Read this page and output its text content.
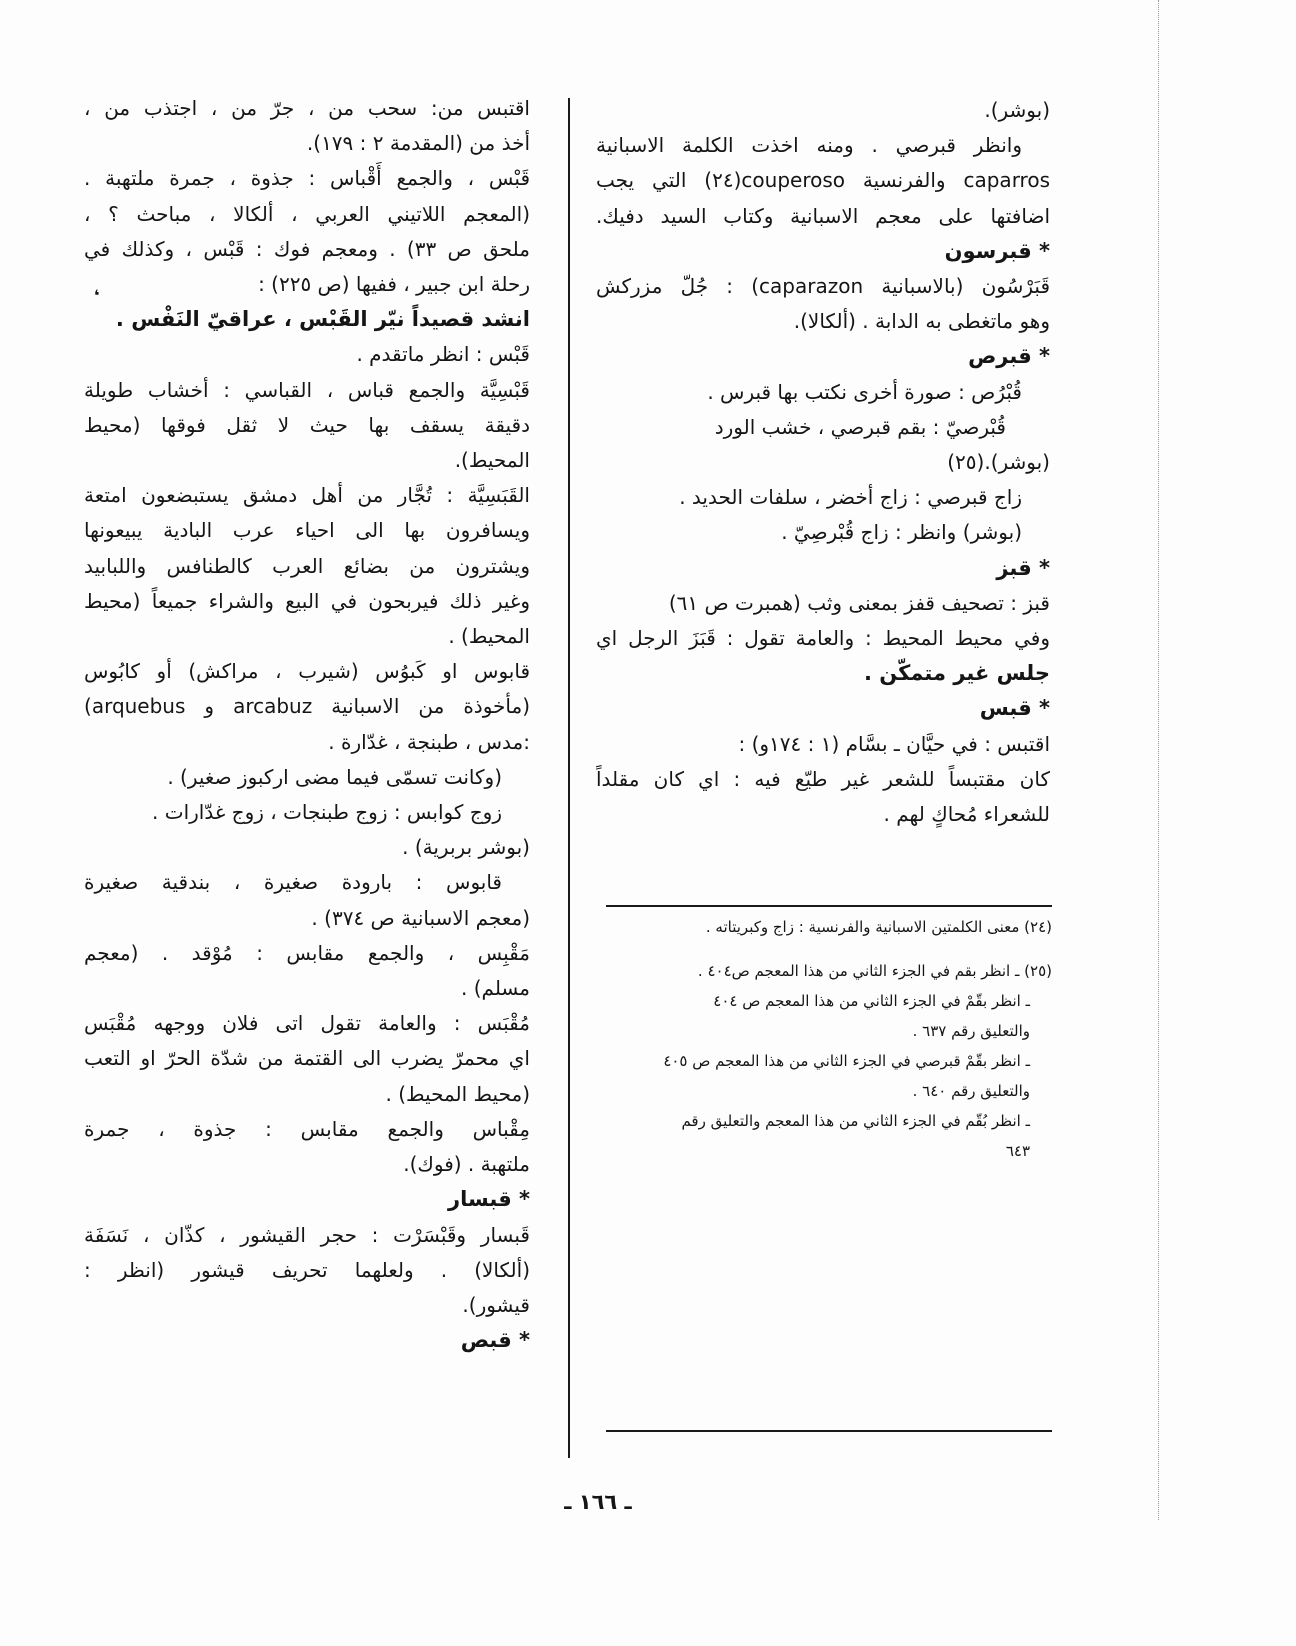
(بوشر).

وانظر قبرصي . ومنه اخذت الكلمة الاسبانية

caparros والفرنسية couperoso(٢٤) التي يجب

اضافتها على معجم الاسبانية وكتاب السيد دفيك.

* قبرسون

قَبَرْسُون (بالاسبانية caparazon) : جُلّ مزركش

وهو ماتغطى به الدابة . (ألكالا).

* قبرص

قُبْرُص : صورة أخرى نكتب بها قبرس .

قُبْرصيّ : بقم قبرصي ، خشب الورد

(بوشر).(٢٥)

زاج قبرصي : زاج أخضر ، سلفات الحديد .

(بوشر) وانظر : زاج قُبْرصِيّ .

* قبز

قبز : تصحيف قفز بمعنى وثب (همبرت ص ٦١)

وفي محيط المحيط : والعامة تقول : قَبَزَ الرجل اي

جلس غير متمكّن .

* قبس

اقتبس : في حيَّان ـ بسَّام (١ : ١٧٤و) :

كان مقتبساً للشعر غير طيّع فيه : اي كان مقلداً

للشعراء مُحاكٍ لهم .

اقتبس من: سحب من ، جرّ من ، اجتذب من ،

أخذ من (المقدمة ٢ : ١٧٩).

قَبْس ، والجمع أَقْباس : جذوة ، جمرة ملتهبة .

(المعجم اللاتيني العربي ، ألكالا ، مباحث ؟ ،

ملحق ص ٣٣) . ومعجم فوك : قَبْس ، وكذلك في

رحلة ابن جبير ، ففيها (ص ٢٢٥) :

انشد قصيداً نيّر القَبْس ، عراقيّ النَفْس .

قَبْس : انظر ماتقدم .

قَبْسِيَّة والجمع قباس ، القباسي : أخشاب طويلة

دقيقة يسقف بها حيث لا ثقل فوقها (محيط

المحيط).

القَبَسِيَّة : تُجَّار من أهل دمشق يستبضعون امتعة

ويسافرون بها الى احياء عرب البادية يبيعونها

ويشترون من بضائع العرب كالطنافس واللبابيد

وغير ذلك فيربحون في البيع والشراء جميعاً (محيط

المحيط) .

قابوس او كَبوُس (شيرب ، مراكش) أو كابُوس

(مأخوذة من الاسبانية arcabuz و arquebus)

:مدس ، طبنجة ، غدّارة .

(وكانت تسمّى فيما مضى اركبوز صغير) .

زوج كوابس : زوج طبنجات ، زوج غدّارات .

(بوشر بربرية) .

قابوس : بارودة صغيرة ، بندقية صغيرة

(معجم الاسبانية ص ٣٧٤) .

مَقْبِس ، والجمع مقابس : مُوْقد . (معجم

مسلم) .

مُقْبَس : والعامة تقول اتى فلان ووجهه مُقْبَس

اي محمرّ يضرب الى القتمة من شدّة الحرّ او التعب

(محيط المحيط) .

مِقْباس والجمع مقابس : جذوة ، جمرة

ملتهبة . (فوك).

* قبسار

قَبسار وقَبْسَرْت : حجر القيشور ، كذّان ، نَسَفَة

(ألكالا) . ولعلهما تحريف قيشور (انظر :

قيشور).

* قبص

❛

(٢٤) معنى الكلمتين الاسبانية والفرنسية : زاج وكبريتاته .

(٢٥) ـ انظر بقم في الجزء الثاني من هذا المعجم ص٤٠٤ .

ـ انظر بقّمْ في الجزء الثاني من هذا المعجم ص ٤٠٤

والتعليق رقم ٦٣٧ .

ـ انظر بقّمْ قبرصي في الجزء الثاني من هذا المعجم ص ٤٠٥

والتعليق رقم ٦٤٠ .

ـ انظر بُقّم في الجزء الثاني من هذا المعجم والتعليق رقم

٦٤٣

ـ ١٦٦ ـ
